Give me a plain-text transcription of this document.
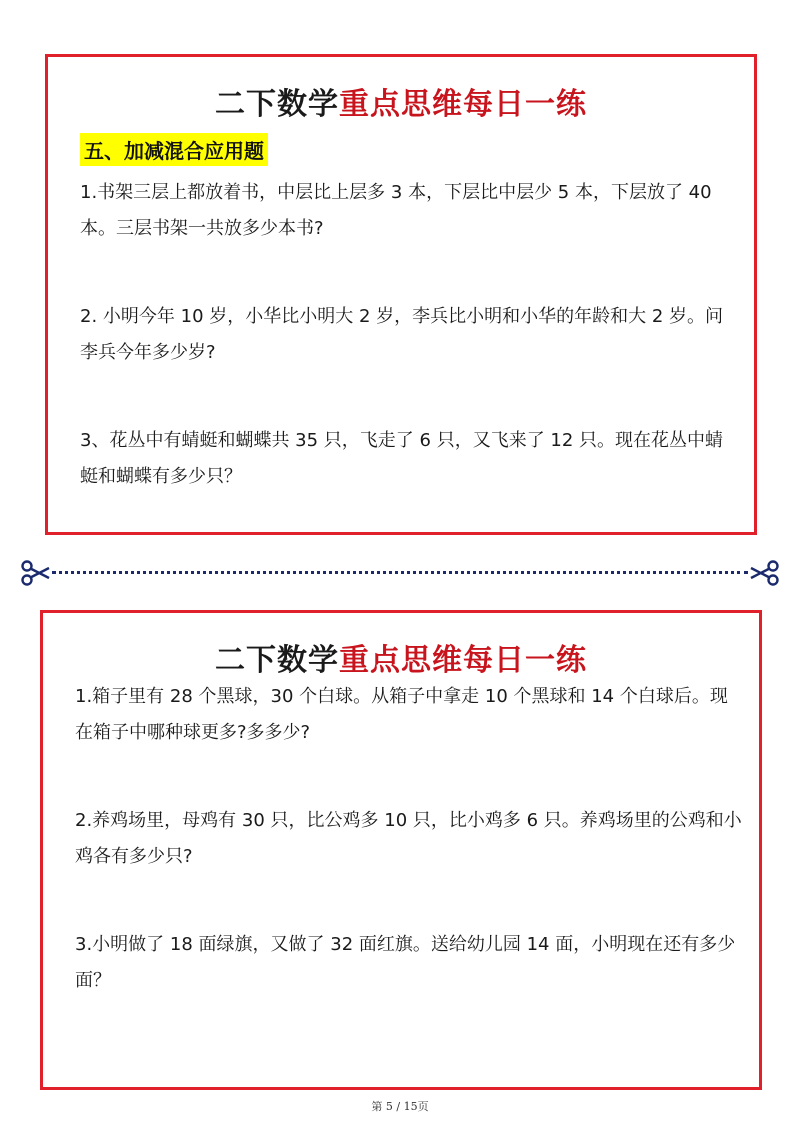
二下数学重点思维每日一练
五、加减混合应用题
1.书架三层上都放着书，中层比上层多 3 本，下层比中层少 5 本，下层放了 40 本。三层书架一共放多少本书?
2. 小明今年 10 岁，小华比小明大 2 岁，李兵比小明和小华的年龄和大 2 岁。问李兵今年多少岁?
3、花丛中有蜻蜓和蝴蝶共 35 只，飞走了 6 只，又飞来了 12 只。现在花丛中蜻蜓和蝴蝶有多少只？
二下数学重点思维每日一练
1.箱子里有 28 个黑球，30 个白球。从箱子中拿走 10 个黑球和 14 个白球后。现在箱子中哪种球更多?多多少?
2.养鸡场里，母鸡有 30 只，比公鸡多 10 只，比小鸡多 6 只。养鸡场里的公鸡和小鸡各有多少只?
3.小明做了 18 面绿旗，又做了 32 面红旗。送给幼儿园 14 面，小明现在还有多少面？
第 5 / 15页
